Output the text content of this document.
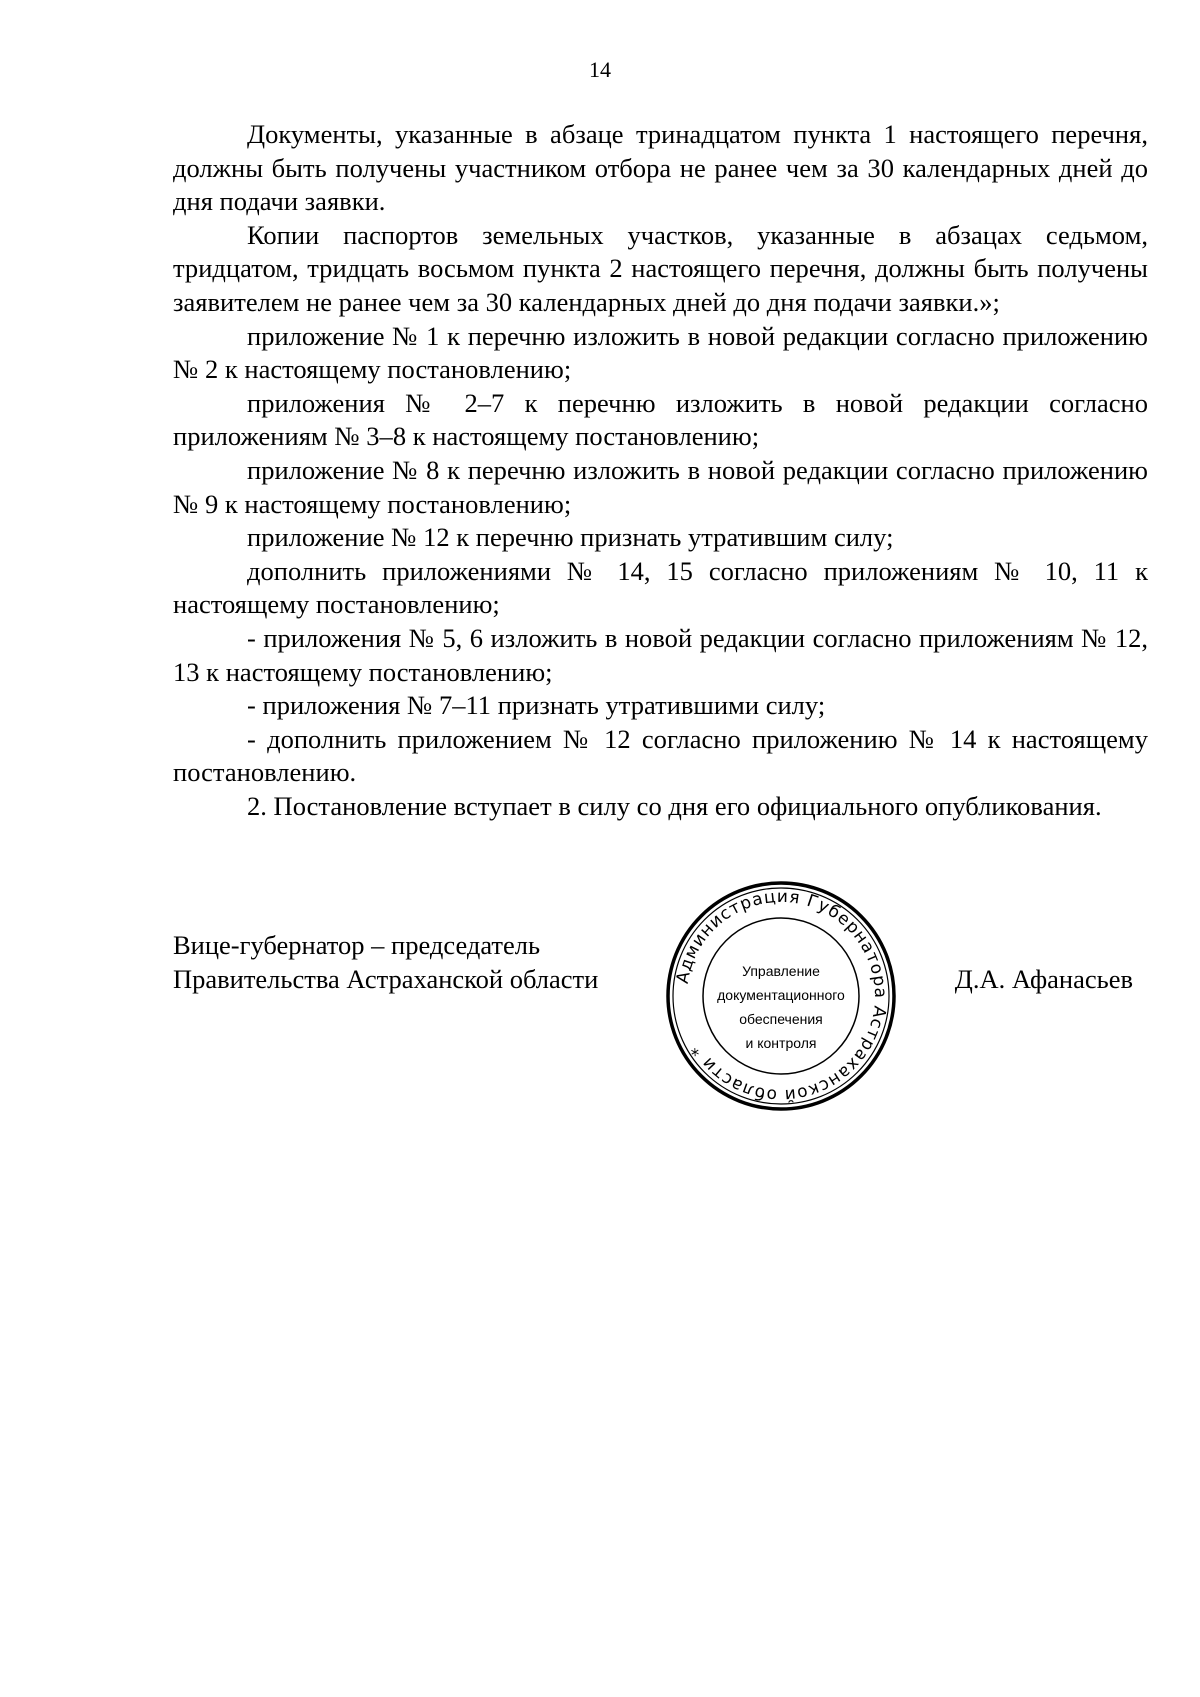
14

Документы, указанные в абзаце тринадцатом пункта 1 настоящего перечня, должны быть получены участником отбора не ранее чем за 30 календарных дней до дня подачи заявки.

Копии паспортов земельных участков, указанные в абзацах седьмом, тридцатом, тридцать восьмом пункта 2 настоящего перечня, должны быть получены заявителем не ранее чем за 30 календарных дней до дня подачи заявки.»;

приложение № 1 к перечню изложить в новой редакции согласно приложению № 2 к настоящему постановлению;

приложения № 2–7 к перечню изложить в новой редакции согласно приложениям № 3–8 к настоящему постановлению;

приложение № 8 к перечню изложить в новой редакции согласно приложению № 9 к настоящему постановлению;

приложение № 12 к перечню признать утратившим силу;

дополнить приложениями № 14, 15 согласно приложениям № 10, 11 к настоящему постановлению;

- приложения № 5, 6 изложить в новой редакции согласно приложениям № 12, 13 к настоящему постановлению;

- приложения № 7–11 признать утратившими силу;

- дополнить приложением № 12 согласно приложению № 14 к настоящему постановлению.

2. Постановление вступает в силу со дня его официального опубликования.

Вице-губернатор – председатель
Правительства Астраханской области	Д.А. Афанасьев
Администрация Губернатора Астраханской области *
Управление
документационного
обеспечения
и контроля
